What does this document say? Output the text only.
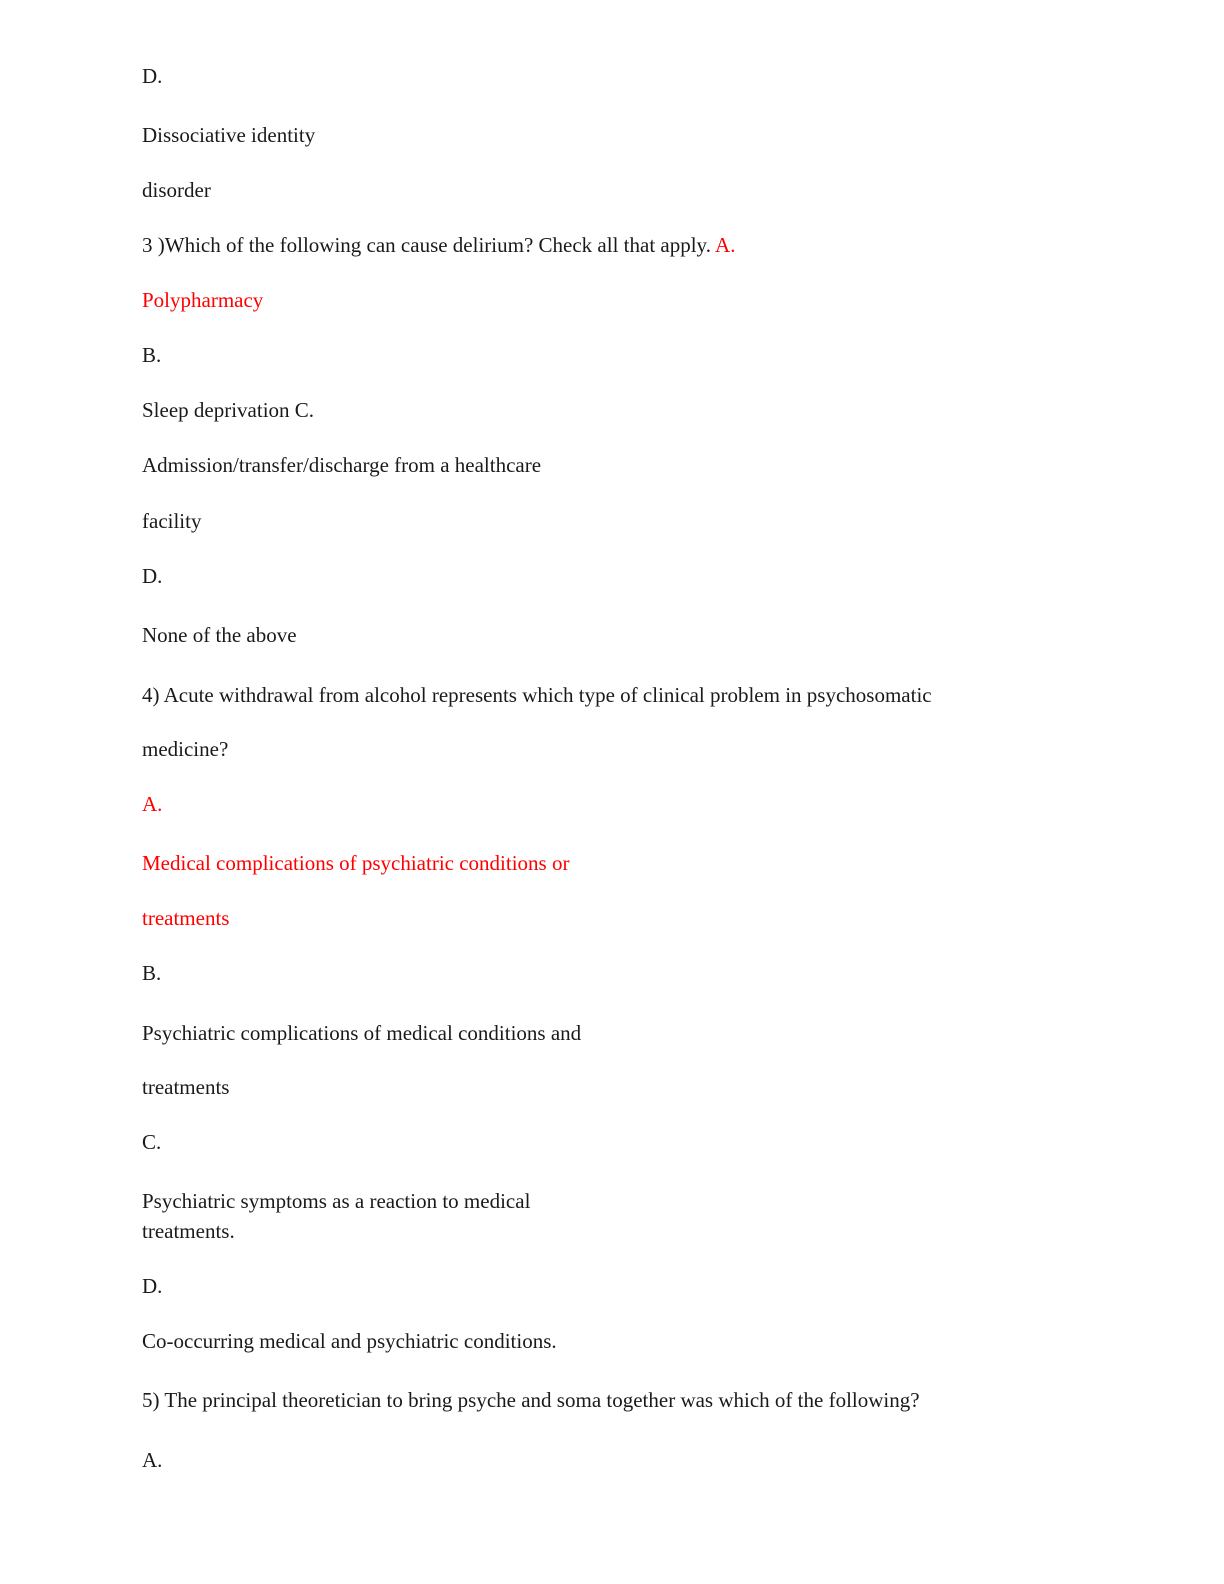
D.
Dissociative identity
disorder
3 )Which of the following can cause delirium? Check all that apply. A.
Polypharmacy
B.
Sleep deprivation C.
Admission/transfer/discharge from a healthcare
facility
D.
None of the above
4) Acute withdrawal from alcohol represents which type of clinical problem in psychosomatic
medicine?
A.
Medical complications of psychiatric conditions or
treatments
B.
Psychiatric complications of medical conditions and
treatments
C.
Psychiatric symptoms as a reaction to medical
treatments.
D.
Co-occurring medical and psychiatric conditions.
5) The principal theoretician to bring psyche and soma together was which of the following?
A.
